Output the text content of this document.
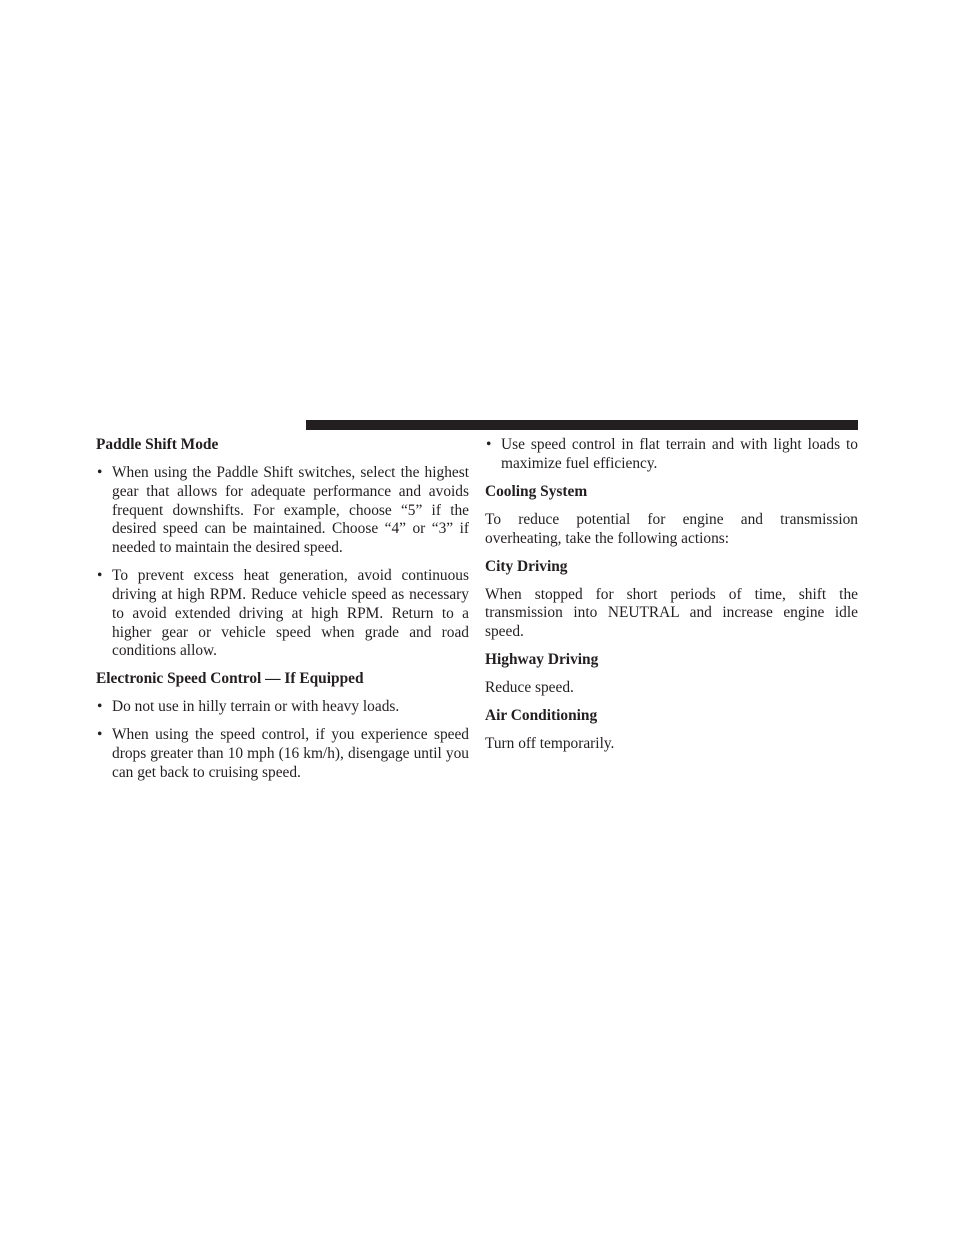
Paddle Shift Mode
• When using the Paddle Shift switches, select the highest gear that allows for adequate performance and avoids frequent downshifts. For example, choose “5” if the desired speed can be maintained. Choose “4” or “3” if needed to maintain the desired speed.
• To prevent excess heat generation, avoid continuous driving at high RPM. Reduce vehicle speed as necessary to avoid extended driving at high RPM. Return to a higher gear or vehicle speed when grade and road conditions allow.
Electronic Speed Control — If Equipped
• Do not use in hilly terrain or with heavy loads.
• When using the speed control, if you experience speed drops greater than 10 mph (16 km/h), disengage until you can get back to cruising speed.
• Use speed control in flat terrain and with light loads to maximize fuel efficiency.
Cooling System
To reduce potential for engine and transmission overheating, take the following actions:
City Driving
When stopped for short periods of time, shift the transmission into NEUTRAL and increase engine idle speed.
Highway Driving
Reduce speed.
Air Conditioning
Turn off temporarily.
